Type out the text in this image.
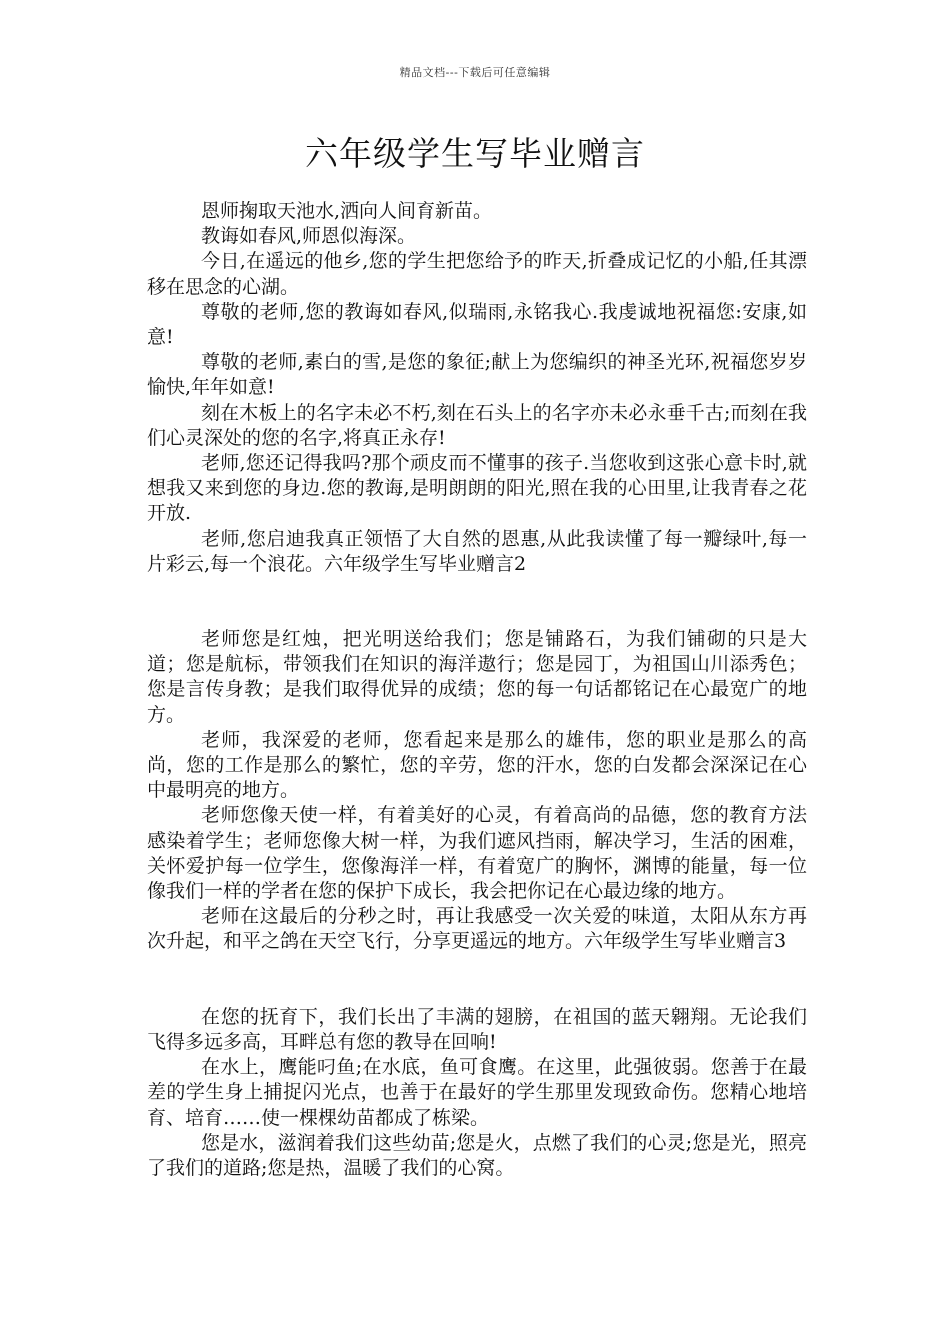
精品文档---下载后可任意编辑
六年级学生写毕业赠言

恩师掬取天池水,洒向人间育新苗。

教诲如春风,师恩似海深。

今日,在遥远的他乡,您的学生把您给予的昨天,折叠成记忆的小船,任其漂移在思念的心湖。

尊敬的老师,您的教诲如春风,似瑞雨,永铭我心.我虔诚地祝福您:安康,如意!

尊敬的老师,素白的雪,是您的象征;献上为您编织的神圣光环,祝福您岁岁愉快,年年如意!

刻在木板上的名字未必不朽,刻在石头上的名字亦未必永垂千古;而刻在我们心灵深处的您的名字,将真正永存!

老师,您还记得我吗?那个顽皮而不懂事的孩子.当您收到这张心意卡时,就想我又来到您的身边.您的教诲,是明朗朗的阳光,照在我的心田里,让我青春之花开放.

老师,您启迪我真正领悟了大自然的恩惠,从此我读懂了每一瓣绿叶,每一片彩云,每一个浪花。六年级学生写毕业赠言2

老师您是红烛，把光明送给我们；您是铺路石，为我们铺砌的只是大道；您是航标，带领我们在知识的海洋遨行；您是园丁，为祖国山川添秀色；您是言传身教；是我们取得优异的成绩；您的每一句话都铭记在心最宽广的地方。

老师，我深爱的老师，您看起来是那么的雄伟，您的职业是那么的高尚，您的工作是那么的繁忙，您的辛劳，您的汗水，您的白发都会深深记在心中最明亮的地方。

老师您像天使一样，有着美好的心灵，有着高尚的品德，您的教育方法感染着学生；老师您像大树一样，为我们遮风挡雨，解决学习，生活的困难，关怀爱护每一位学生，您像海洋一样，有着宽广的胸怀，渊博的能量，每一位像我们一样的学者在您的保护下成长，我会把你记在心最边缘的地方。

老师在这最后的分秒之时，再让我感受一次关爱的味道，太阳从东方再次升起，和平之鸽在天空飞行，分享更遥远的地方。六年级学生写毕业赠言3

在您的抚育下，我们长出了丰满的翅膀，在祖国的蓝天翱翔。无论我们飞得多远多高，耳畔总有您的教导在回响!

在水上，鹰能叼鱼;在水底，鱼可食鹰。在这里，此强彼弱。您善于在最差的学生身上捕捉闪光点，也善于在最好的学生那里发现致命伤。您精心地培育、培育……使一棵棵幼苗都成了栋梁。

您是水，滋润着我们这些幼苗;您是火，点燃了我们的心灵;您是光，照亮了我们的道路;您是热，温暖了我们的心窝。
